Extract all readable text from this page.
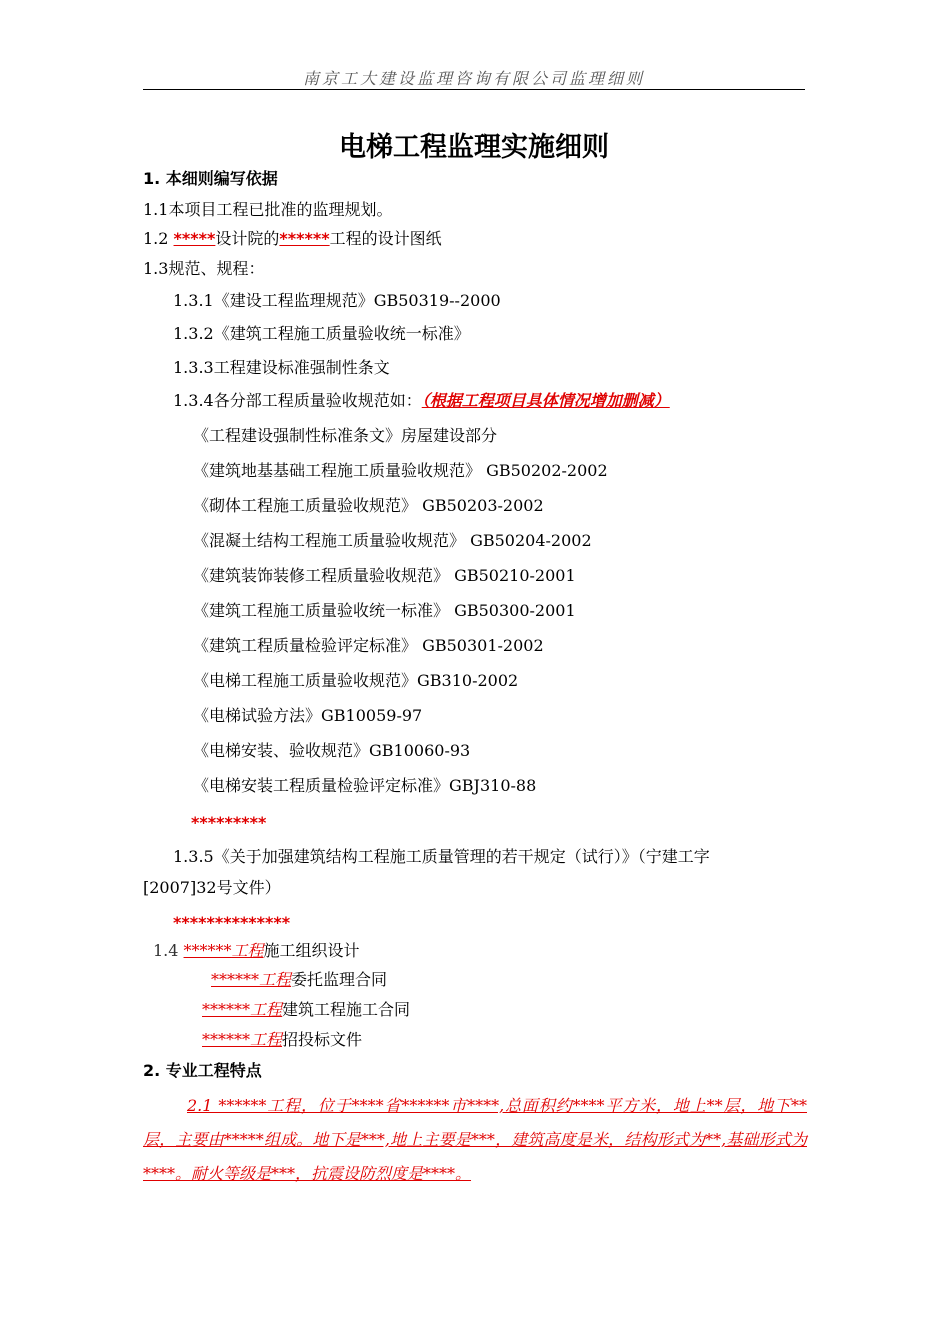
南京工大建设监理咨询有限公司监理细则
电梯工程监理实施细则
1. 本细则编写依据
1.1本项目工程已批准的监理规划。
1.2 *****设计院的******工程的设计图纸
1.3规范、规程：
1.3.1《建设工程监理规范》GB50319--2000
1.3.2《建筑工程施工质量验收统一标准》
1.3.3工程建设标准强制性条文
1.3.4各分部工程质量验收规范如：（根据工程项目具体情况增加删减）
《工程建设强制性标准条文》房屋建设部分
《建筑地基基础工程施工质量验收规范》 GB50202-2002
《砌体工程施工质量验收规范》 GB50203-2002
《混凝土结构工程施工质量验收规范》 GB50204-2002
《建筑装饰装修工程质量验收规范》 GB50210-2001
《建筑工程施工质量验收统一标准》 GB50300-2001
《建筑工程质量检验评定标准》 GB50301-2002
《电梯工程施工质量验收规范》GB310-2002
《电梯试验方法》GB10059-97
《电梯安装、验收规范》GB10060-93
《电梯安装工程质量检验评定标准》GBJ310-88
*********
1.3.5《关于加强建筑结构工程施工质量管理的若干规定（试行）》（宁建工字
[2007]32号文件）
**************
1.4 ******工程施工组织设计
******工程委托监理合同
******工程建筑工程施工合同
******工程招投标文件
2. 专业工程特点
2.1 ******工程，位于****省******市****,总面积约****平方米，地上**层，地下**层，主要由*****组成。地下是***,地上主要是***，建筑高度是米，结构形式为**,基础形式为****。耐火等级是***，抗震设防烈度是****。
